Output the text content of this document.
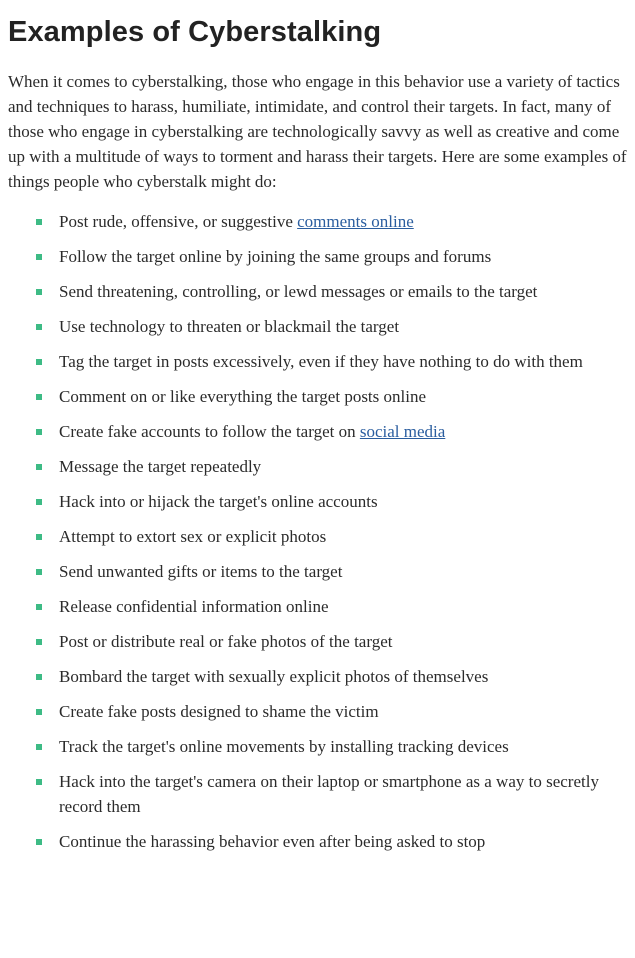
Examples of Cyberstalking

When it comes to cyberstalking, those who engage in this behavior use a variety of tactics and techniques to harass, humiliate, intimidate, and control their targets. In fact, many of those who engage in cyberstalking are technologically savvy as well as creative and come up with a multitude of ways to torment and harass their targets. Here are some examples of things people who cyberstalk might do:

Post rude, offensive, or suggestive comments online
Follow the target online by joining the same groups and forums
Send threatening, controlling, or lewd messages or emails to the target
Use technology to threaten or blackmail the target
Tag the target in posts excessively, even if they have nothing to do with them
Comment on or like everything the target posts online
Create fake accounts to follow the target on social media
Message the target repeatedly
Hack into or hijack the target's online accounts
Attempt to extort sex or explicit photos
Send unwanted gifts or items to the target
Release confidential information online
Post or distribute real or fake photos of the target
Bombard the target with sexually explicit photos of themselves
Create fake posts designed to shame the victim
Track the target's online movements by installing tracking devices
Hack into the target's camera on their laptop or smartphone as a way to secretly record them
Continue the harassing behavior even after being asked to stop
